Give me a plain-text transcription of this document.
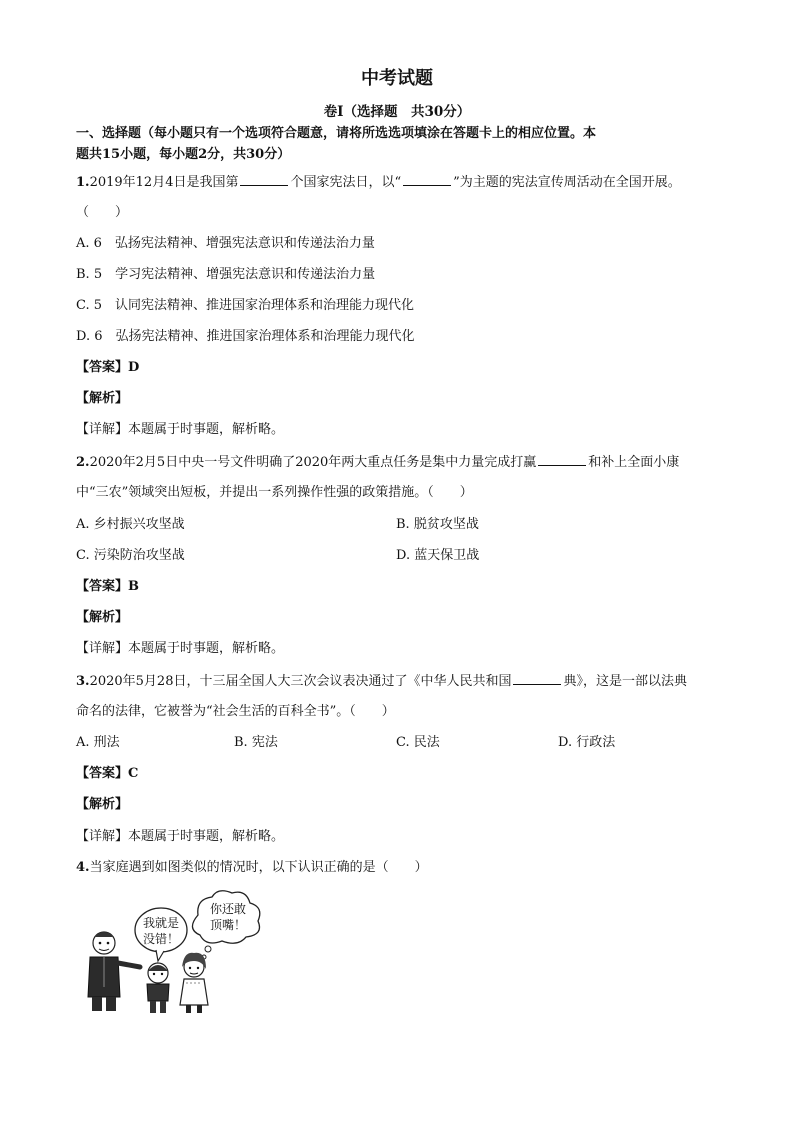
中考试题
卷Ⅰ（选择题　共30分）
一、选择题（每小题只有一个选项符合题意，请将所选选项填涂在答题卡上的相应位置。本
题共15小题，每小题2分，共30分）
1.2019年12月4日是我国第	个国家宪法日，以“	”为主题的宪法宣传周活动在全国开展。
（　　）
A. 6　弘扬宪法精神、增强宪法意识和传递法治力量
B. 5　学习宪法精神、增强宪法意识和传递法治力量
C. 5　认同宪法精神、推进国家治理体系和治理能力现代化
D. 6　弘扬宪法精神、推进国家治理体系和治理能力现代化
【答案】D
【解析】
【详解】本题属于时事题，解析略。
2.2020年2月5日中央一号文件明确了2020年两大重点任务是集中力量完成打赢	和补上全面小康
中“三农”领域突出短板，并提出一系列操作性强的政策措施。（　　）
A. 乡村振兴攻坚战	B. 脱贫攻坚战
C. 污染防治攻坚战	D. 蓝天保卫战
【答案】B
【解析】
【详解】本题属于时事题，解析略。
3.2020年5月28日，十三届全国人大三次会议表决通过了《中华人民共和国	典》，这是一部以法典
命名的法律，它被誉为“社会生活的百科全书”。（　　）
A. 刑法	B. 宪法	C. 民法	D. 行政法
【答案】C
【解析】
【详解】本题属于时事题，解析略。
4.当家庭遇到如图类似的情况时，以下认识正确的是（　　）
我就是
没错！
你还敢
顶嘴！
